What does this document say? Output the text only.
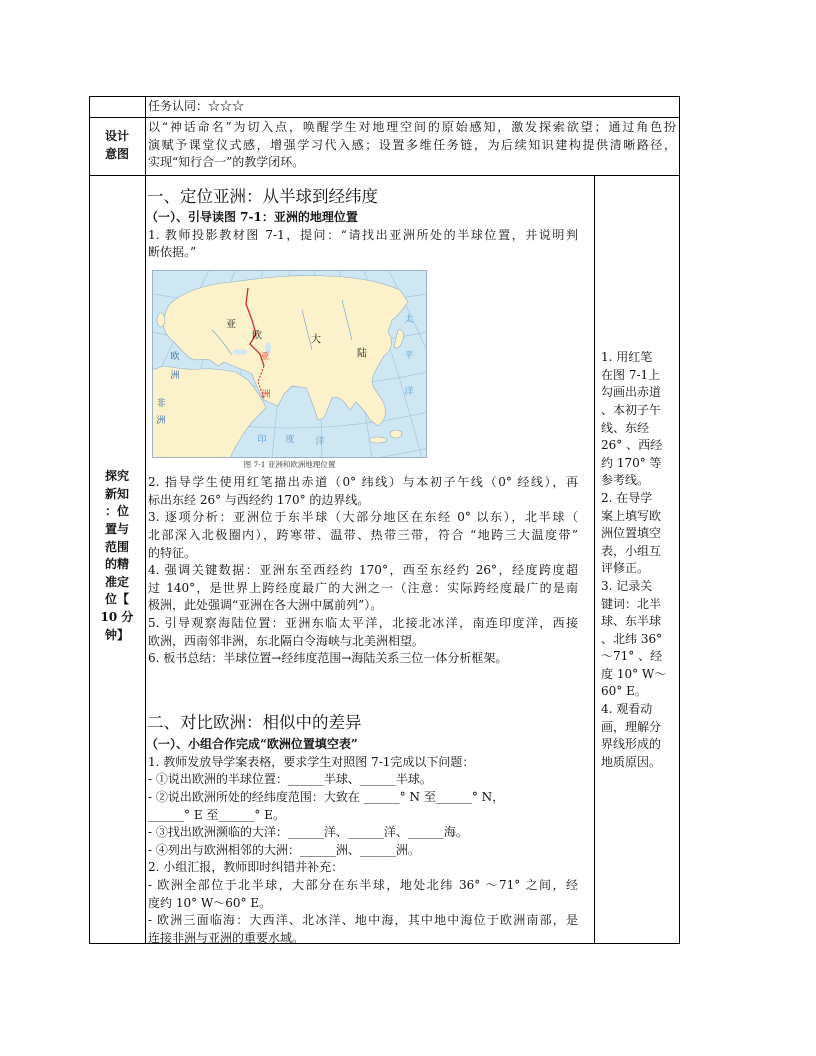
任务认同：☆☆☆
设计
意图
以“神话命名”为切入点，唤醒学生对地理空间的原始感知，激发探索欲望；通过角色扮
演赋予课堂仪式感，增强学习代入感；设置多维任务链，为后续知识建构提供清晰路径，
实现“知行合一”的教学闭环。
探究
新知
：位
置与
范围
的精
准定
位【
10 分
钟】
一、定位亚洲：从半球到经纬度
（一）、引导读图 7-1：亚洲的地理位置
1. 教师投影教材图 7-1，提问：“请找出亚洲所处的半球位置，并说明判
断依据。”
亚
欧	大
陆
亚
洲
欧
洲
非
洲
太
平
洋
印 度 洋
图 7-1 亚洲和欧洲地理位置
2. 指导学生使用红笔描出赤道（0° 纬线）与本初子午线（0° 经线），再
标出东经 26° 与西经约 170° 的边界线。
3. 逐项分析：亚洲位于东半球（大部分地区在东经 0° 以东），北半球（
北部深入北极圈内），跨寒带、温带、热带三带，符合 “地跨三大温度带”
的特征。
4. 强调关键数据：亚洲东至西经约 170°，西至东经约 26°，经度跨度超
过 140°，是世界上跨经度最广的大洲之一（注意：实际跨经度最广的是南
极洲，此处强调“亚洲在各大洲中属前列”）。
5. 引导观察海陆位置：亚洲东临太平洋，北接北冰洋，南连印度洋，西接
欧洲，西南邻非洲，东北隔白令海峡与北美洲相望。
6. 板书总结：半球位置→经纬度范围→海陆关系三位一体分析框架。
二、对比欧洲：相似中的差异
（一）、小组合作完成“欧洲位置填空表”
1. 教师发放导学案表格，要求学生对照图 7-1完成以下问题：
- ①说出欧洲的半球位置：______半球、______半球。
- ②说出欧洲所处的经纬度范围：大致在 ______° N 至______° N，
______° E 至______° E。
- ③找出欧洲濒临的大洋：______洋、______洋、______海。
- ④列出与欧洲相邻的大洲：______洲、______洲。
2. 小组汇报，教师即时纠错并补充：
- 欧洲全部位于北半球，大部分在东半球，地处北纬 36° ～71° 之间，经
度约 10° W～60° E。
- 欧洲三面临海：大西洋、北冰洋、地中海，其中地中海位于欧洲南部，是
连接非洲与亚洲的重要水域。
1. 用红笔
在图 7-1上
勾画出赤道
、本初子午
线、东经
26° 、西经
约 170° 等
参考线。
2. 在导学
案上填写欧
洲位置填空
表，小组互
评修正。
3. 记录关
键词：北半
球、东半球
、北纬 36°
～71° 、经
度 10° W～
60° E。
4. 观看动
画，理解分
界线形成的
地质原因。
